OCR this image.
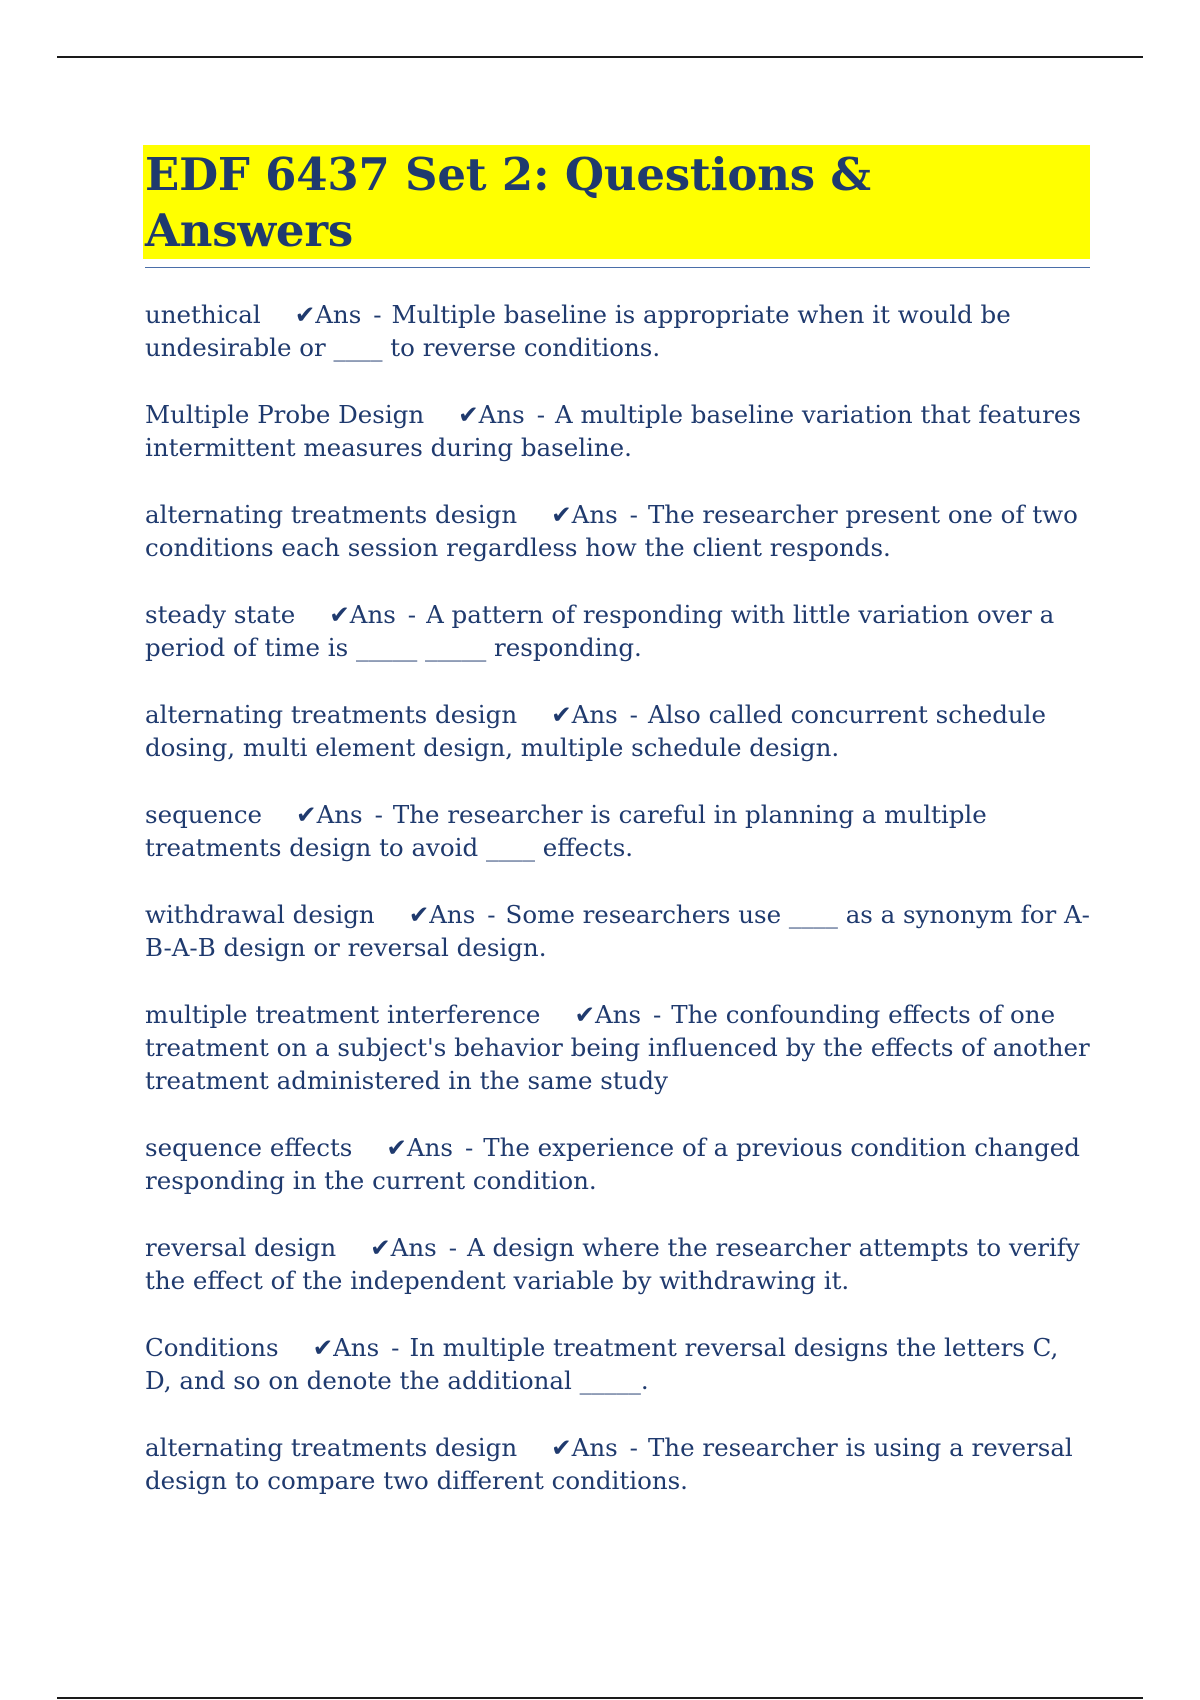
EDF 6437 Set 2: Questions & Answers

unethical ✔Ans - Multiple baseline is appropriate when it would be undesirable or ____ to reverse conditions.

Multiple Probe Design ✔Ans - A multiple baseline variation that features intermittent measures during baseline.

alternating treatments design ✔Ans - The researcher present one of two conditions each session regardless how the client responds.

steady state ✔Ans - A pattern of responding with little variation over a period of time is _____ _____ responding.

alternating treatments design ✔Ans - Also called concurrent schedule dosing, multi element design, multiple schedule design.

sequence ✔Ans - The researcher is careful in planning a multiple treatments design to avoid ____ effects.

withdrawal design ✔Ans - Some researchers use ____ as a synonym for A-B-A-B design or reversal design.

multiple treatment interference ✔Ans - The confounding effects of one treatment on a subject's behavior being influenced by the effects of another treatment administered in the same study

sequence effects ✔Ans - The experience of a previous condition changed responding in the current condition.

reversal design ✔Ans - A design where the researcher attempts to verify the effect of the independent variable by withdrawing it.

Conditions ✔Ans - In multiple treatment reversal designs the letters C, D, and so on denote the additional _____.

alternating treatments design ✔Ans - The researcher is using a reversal design to compare two different conditions.
